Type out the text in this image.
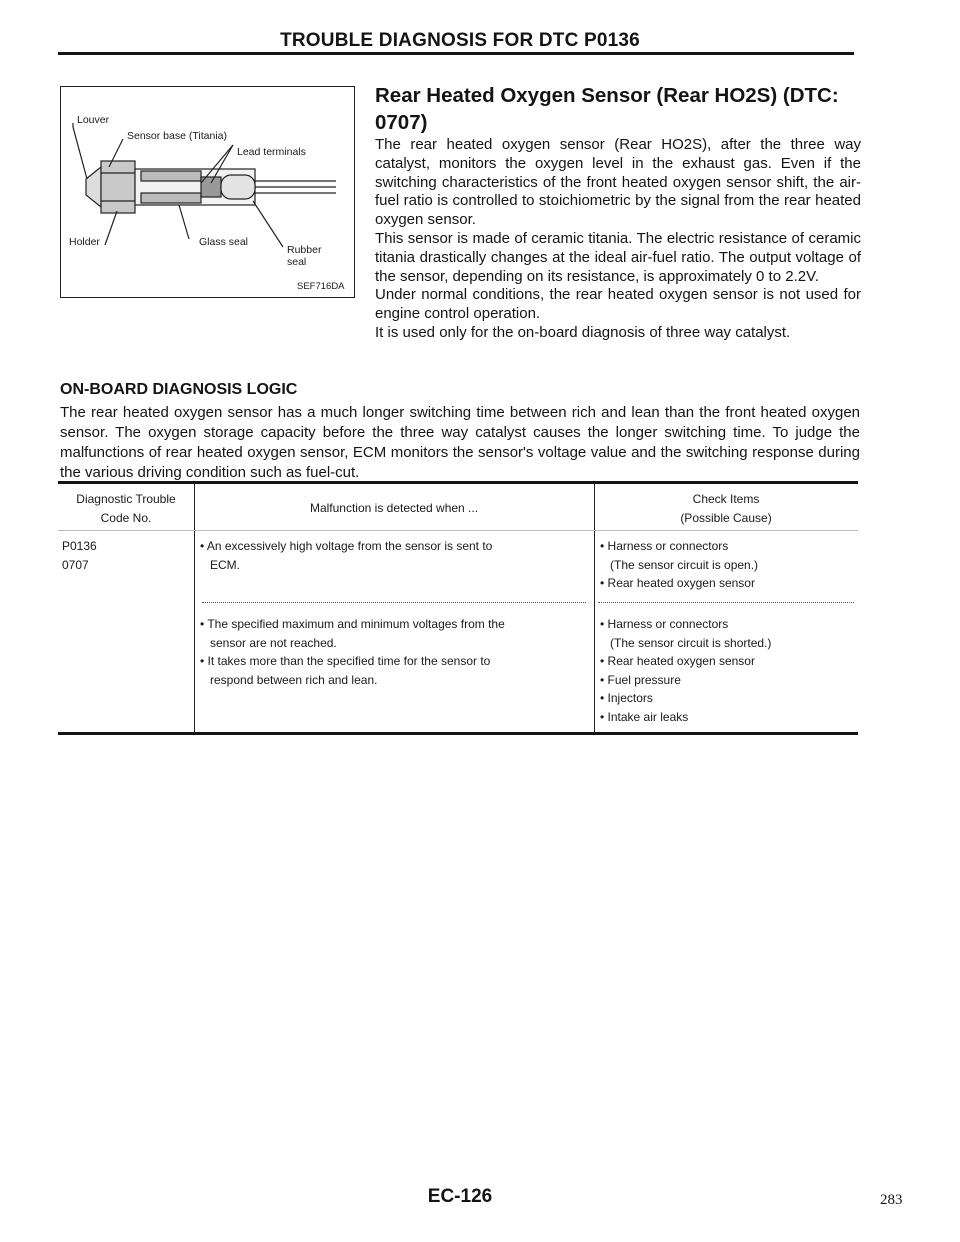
TROUBLE DIAGNOSIS FOR DTC P0136
Louver
Sensor base (Titania)
Lead terminals
Holder	Glass seal
Rubber
seal
SEF716DA
Rear Heated Oxygen Sensor (Rear HO2S) (DTC:
0707)

The rear heated oxygen sensor (Rear HO2S), after the three way catalyst, monitors the oxygen level in the exhaust gas. Even if the switching characteristics of the front heated oxygen sensor shift, the air-fuel ratio is controlled to stoichiometric by the signal from the rear heated oxygen sensor.

This sensor is made of ceramic titania. The electric resistance of ceramic titania drastically changes at the ideal air-fuel ratio. The output voltage of the sensor, depending on its resistance, is approximately 0 to 2.2V.

Under normal conditions, the rear heated oxygen sensor is not used for engine control operation.

It is used only for the on-board diagnosis of three way catalyst.

ON-BOARD DIAGNOSIS LOGIC
The rear heated oxygen sensor has a much longer switching time between rich and lean than the front heated oxygen sensor. The oxygen storage capacity before the three way catalyst causes the longer switching time. To judge the malfunctions of rear heated oxygen sensor, ECM monitors the sensor's voltage value and the switching response during the various driving condition such as fuel-cut.
Diagnostic Trouble
Code No.
Malfunction is detected when ...
Check Items
(Possible Cause)
P0136
0707
• An excessively high voltage from the sensor is sent to
ECM.
• Harness or connectors
(The sensor circuit is open.)
• Rear heated oxygen sensor
• The specified maximum and minimum voltages from the
sensor are not reached.
• It takes more than the specified time for the sensor to
respond between rich and lean.
• Harness or connectors
(The sensor circuit is shorted.)
• Rear heated oxygen sensor
• Fuel pressure
• Injectors
• Intake air leaks
EC-126	283
